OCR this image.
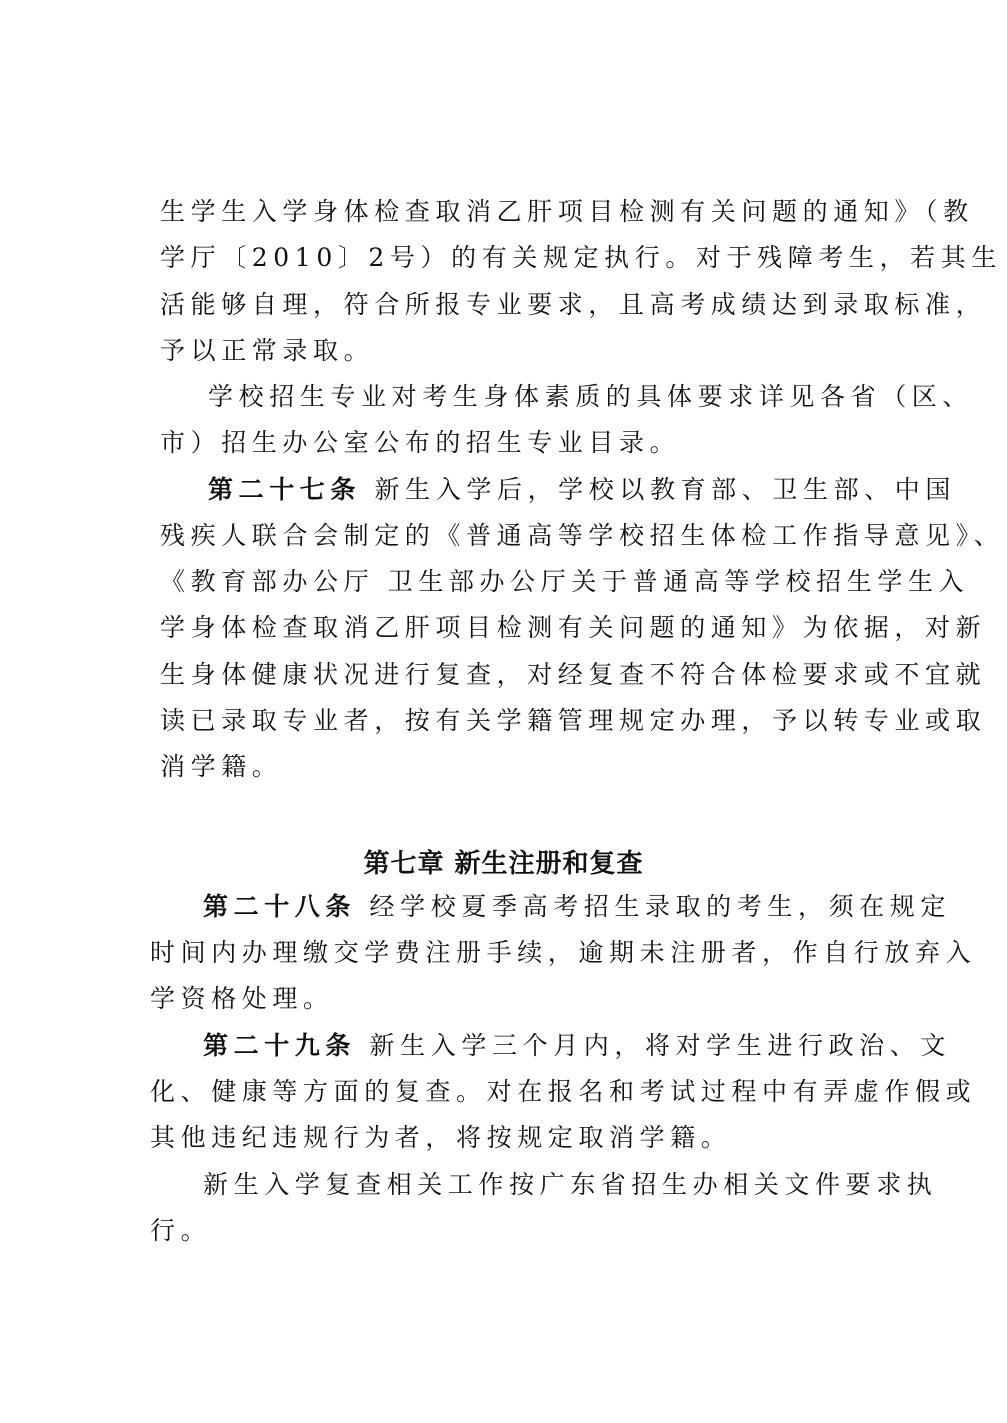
生学生入学身体检查取消乙肝项目检测有关问题的通知》（教
学厅〔2010〕2号）的有关规定执行。对于残障考生，若其生
活能够自理，符合所报专业要求，且高考成绩达到录取标准，
予以正常录取。
学校招生专业对考生身体素质的具体要求详见各省（区、
市）招生办公室公布的招生专业目录。
第二十七条 新生入学后，学校以教育部、卫生部、中国
残疾人联合会制定的《普通高等学校招生体检工作指导意见》、
《教育部办公厅 卫生部办公厅关于普通高等学校招生学生入
学身体检查取消乙肝项目检测有关问题的通知》为依据，对新
生身体健康状况进行复查，对经复查不符合体检要求或不宜就
读已录取专业者，按有关学籍管理规定办理，予以转专业或取
消学籍。
第七章 新生注册和复查
第二十八条 经学校夏季高考招生录取的考生，须在规定
时间内办理缴交学费注册手续，逾期未注册者，作自行放弃入
学资格处理。
第二十九条 新生入学三个月内，将对学生进行政治、文
化、健康等方面的复查。对在报名和考试过程中有弄虚作假或
其他违纪违规行为者，将按规定取消学籍。
新生入学复查相关工作按广东省招生办相关文件要求执
行。
